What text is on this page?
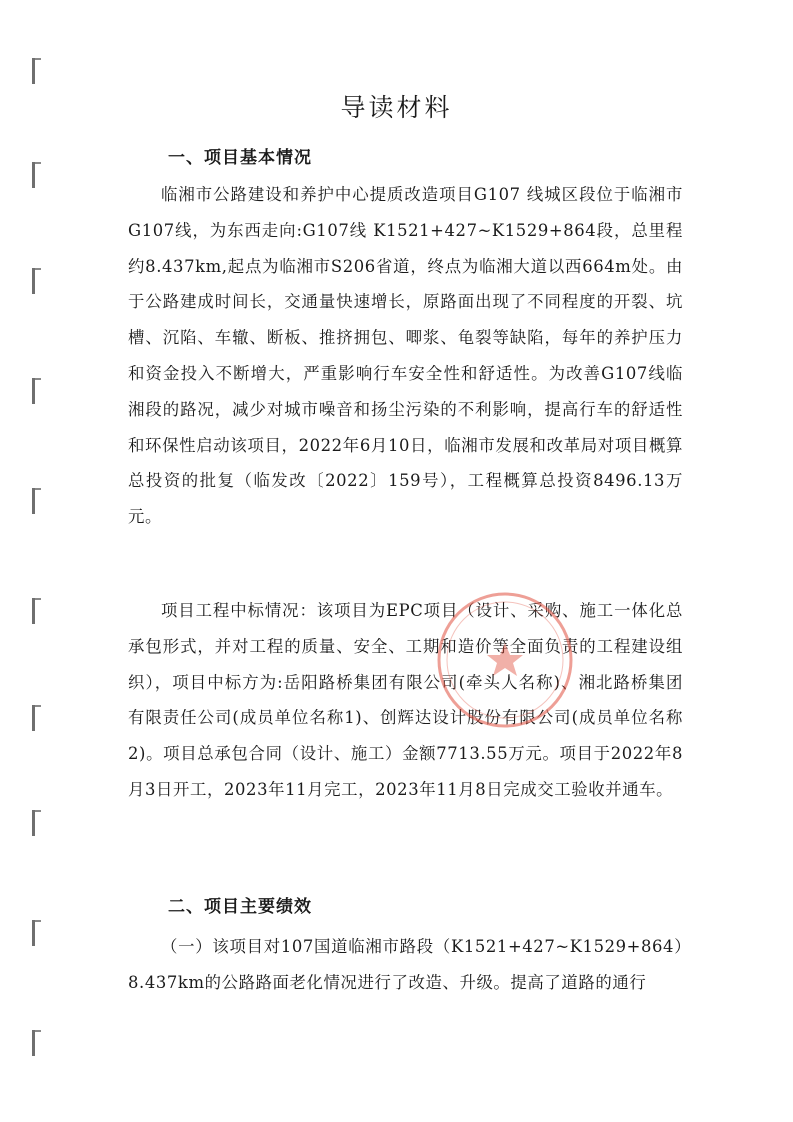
导读材料
一、项目基本情况

临湘市公路建设和养护中心提质改造项目G107 线城区段位于临湘市G107线，为东西走向:G107线 K1521+427~K1529+864段，总里程约8.437km,起点为临湘市S206省道，终点为临湘大道以西664m处。由于公路建成时间长，交通量快速增长，原路面出现了不同程度的开裂、坑槽、沉陷、车辙、断板、推挤拥包、唧浆、龟裂等缺陷，每年的养护压力和资金投入不断增大，严重影响行车安全性和舒适性。为改善G107线临湘段的路况，减少对城市噪音和扬尘污染的不利影响，提高行车的舒适性和环保性启动该项目，2022年6月10日，临湘市发展和改革局对项目概算总投资的批复（临发改〔2022〕159号），工程概算总投资8496.13万元。

项目工程中标情况：该项目为EPC项目（设计、采购、施工一体化总承包形式，并对工程的质量、安全、工期和造价等全面负责的工程建设组织），项目中标方为:岳阳路桥集团有限公司(牵头人名称)、湘北路桥集团有限责任公司(成员单位名称1)、创辉达设计股份有限公司(成员单位名称2)。项目总承包合同（设计、施工）金额7713.55万元。项目于2022年8月3日开工，2023年11月完工，2023年11月8日完成交工验收并通车。

二、项目主要绩效

（一）该项目对107国道临湘市路段（K1521+427~K1529+864）8.437km的公路路面老化情况进行了改造、升级。提高了道路的通行
